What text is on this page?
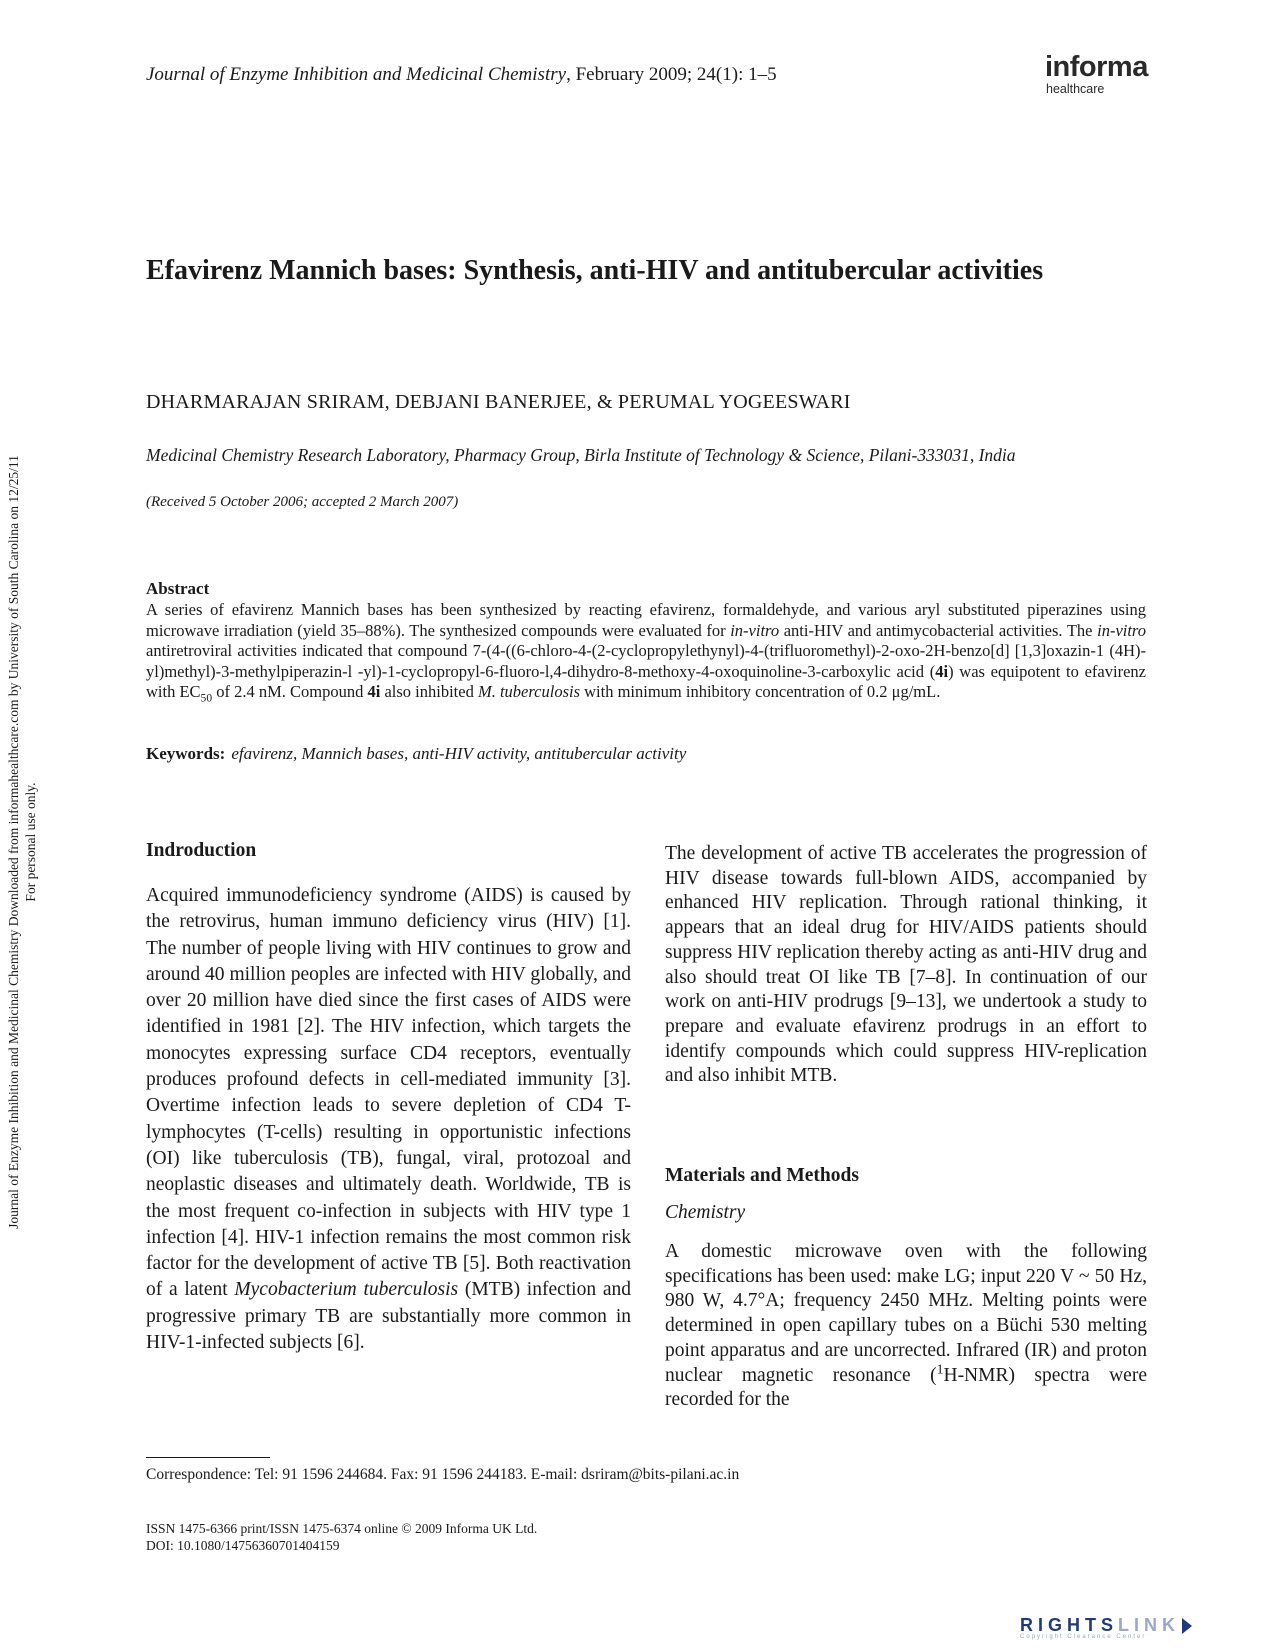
Journal of Enzyme Inhibition and Medicinal Chemistry Downloaded from informahealthcare.com by University of South Carolina on 12/25/11 For personal use only.
Journal of Enzyme Inhibition and Medicinal Chemistry, February 2009; 24(1): 1–5	informa
healthcare
Efavirenz Mannich bases: Synthesis, anti-HIV and antitubercular activities
DHARMARAJAN SRIRAM, DEBJANI BANERJEE, & PERUMAL YOGEESWARI
Medicinal Chemistry Research Laboratory, Pharmacy Group, Birla Institute of Technology & Science, Pilani-333031, India
(Received 5 October 2006; accepted 2 March 2007)
Abstract
A series of efavirenz Mannich bases has been synthesized by reacting efavirenz, formaldehyde, and various aryl substituted piperazines using microwave irradiation (yield 35–88%). The synthesized compounds were evaluated for in-vitro anti-HIV and antimycobacterial activities. The in-vitro antiretroviral activities indicated that compound 7-(4-((6-chloro-4-(2-cyclopropylethynyl)-4-(trifluoromethyl)-2-oxo-2H-benzo[d] [1,3]oxazin-1 (4H)-yl)methyl)-3-methylpiperazin-l -yl)-1-cyclopropyl-6-fluoro-l,4-dihydro-8-methoxy-4-oxoquinoline-3-carboxylic acid (4i) was equipotent to efavirenz with $EC_{50}$ of 2.4 nM. Compound 4i also inhibited M. tuberculosis with minimum inhibitory concentration of 0.2 μg/mL.
Keywords: efavirenz, Mannich bases, anti-HIV activity, antitubercular activity
Indroduction

Acquired immunodeficiency syndrome (AIDS) is caused by the retrovirus, human immuno deficiency virus (HIV) [1]. The number of people living with HIV continues to grow and around 40 million peoples are infected with HIV globally, and over 20 million have died since the first cases of AIDS were identified in 1981 [2]. The HIV infection, which targets the monocytes expressing surface CD4 receptors, eventually produces profound defects in cell-mediated immunity [3]. Overtime infection leads to severe depletion of CD4 T-lymphocytes (T-cells) resulting in opportunistic infections (OI) like tuberculosis (TB), fungal, viral, protozoal and neoplastic diseases and ultimately death. Worldwide, TB is the most frequent co-infection in subjects with HIV type 1 infection [4]. HIV-1 infection remains the most common risk factor for the development of active TB [5]. Both reactivation of a latent Mycobacterium tuberculosis (MTB) infection and progressive primary TB are substantially more common in HIV-1-infected subjects [6].

The development of active TB accelerates the progression of HIV disease towards full-blown AIDS, accompanied by enhanced HIV replication. Through rational thinking, it appears that an ideal drug for HIV/AIDS patients should suppress HIV replication thereby acting as anti-HIV drug and also should treat OI like TB [7–8]. In continuation of our work on anti-HIV prodrugs [9–13], we undertook a study to prepare and evaluate efavirenz prodrugs in an effort to identify compounds which could suppress HIV-replication and also inhibit MTB.

Materials and Methods
Chemistry

A domestic microwave oven with the following specifications has been used: make LG; input 220 V ~ 50 Hz, 980 W, 4.7°A; frequency 2450 MHz. Melting points were determined in open capillary tubes on a Büchi 530 melting point apparatus and are uncorrected. Infrared (IR) and proton nuclear magnetic resonance ($^1$H-NMR) spectra were recorded for the

Correspondence: Tel: 91 1596 244684. Fax: 91 1596 244183. E-mail: dsriram@bits-pilani.ac.in
ISSN 1475-6366 print/ISSN 1475-6374 online © 2009 Informa UK Ltd.
DOI: 10.1080/14756360701404159
RIGHTSLINK
Copyright Clearance Center
